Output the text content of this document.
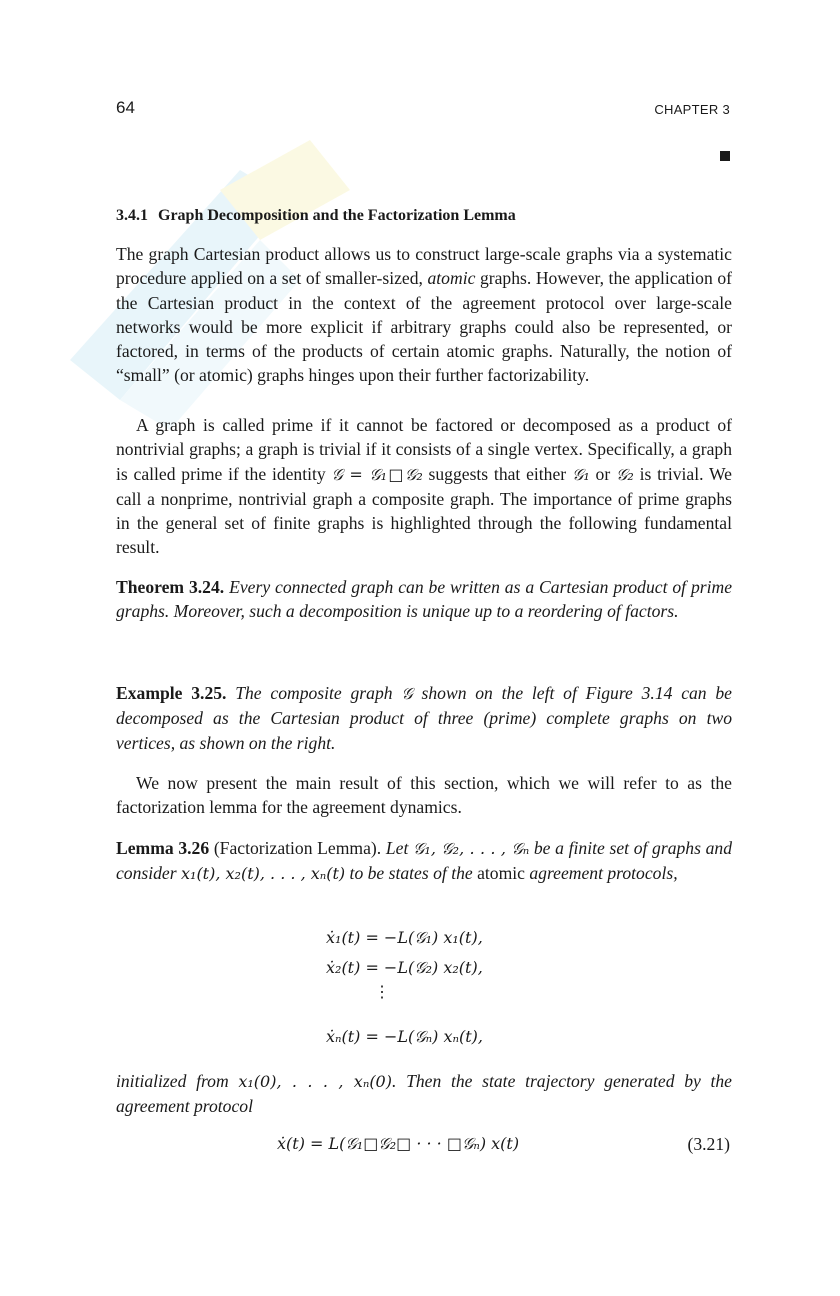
64	CHAPTER 3
3.4.1 Graph Decomposition and the Factorization Lemma
The graph Cartesian product allows us to construct large-scale graphs via a systematic procedure applied on a set of smaller-sized, atomic graphs. However, the application of the Cartesian product in the context of the agreement protocol over large-scale networks would be more explicit if arbitrary graphs could also be represented, or factored, in terms of the products of certain atomic graphs. Naturally, the notion of “small” (or atomic) graphs hinges upon their further factorizability.
A graph is called prime if it cannot be factored or decomposed as a product of nontrivial graphs; a graph is trivial if it consists of a single vertex. Specifically, a graph is called prime if the identity 𝒢 = 𝒢₁□𝒢₂ suggests that either 𝒢₁ or 𝒢₂ is trivial. We call a nonprime, nontrivial graph a composite graph. The importance of prime graphs in the general set of finite graphs is highlighted through the following fundamental result.
Theorem 3.24. Every connected graph can be written as a Cartesian product of prime graphs. Moreover, such a decomposition is unique up to a reordering of factors.
Example 3.25. The composite graph 𝒢 shown on the left of Figure 3.14 can be decomposed as the Cartesian product of three (prime) complete graphs on two vertices, as shown on the right.
We now present the main result of this section, which we will refer to as the factorization lemma for the agreement dynamics.
Lemma 3.26 (Factorization Lemma). Let 𝒢₁, 𝒢₂, . . . , 𝒢ₙ be a finite set of graphs and consider x₁(t), x₂(t), . . . , xₙ(t) to be states of the atomic agreement protocols,
ẋ₁(t) = −L(𝒢₁) x₁(t),
ẋ₂(t) = −L(𝒢₂) x₂(t),
⋮
ẋₙ(t) = −L(𝒢ₙ) xₙ(t),
initialized from x₁(0), . . . , xₙ(0). Then the state trajectory generated by the agreement protocol
ẋ(t) = L(𝒢₁□𝒢₂□ · · · □𝒢ₙ) x(t)	(3.21)
